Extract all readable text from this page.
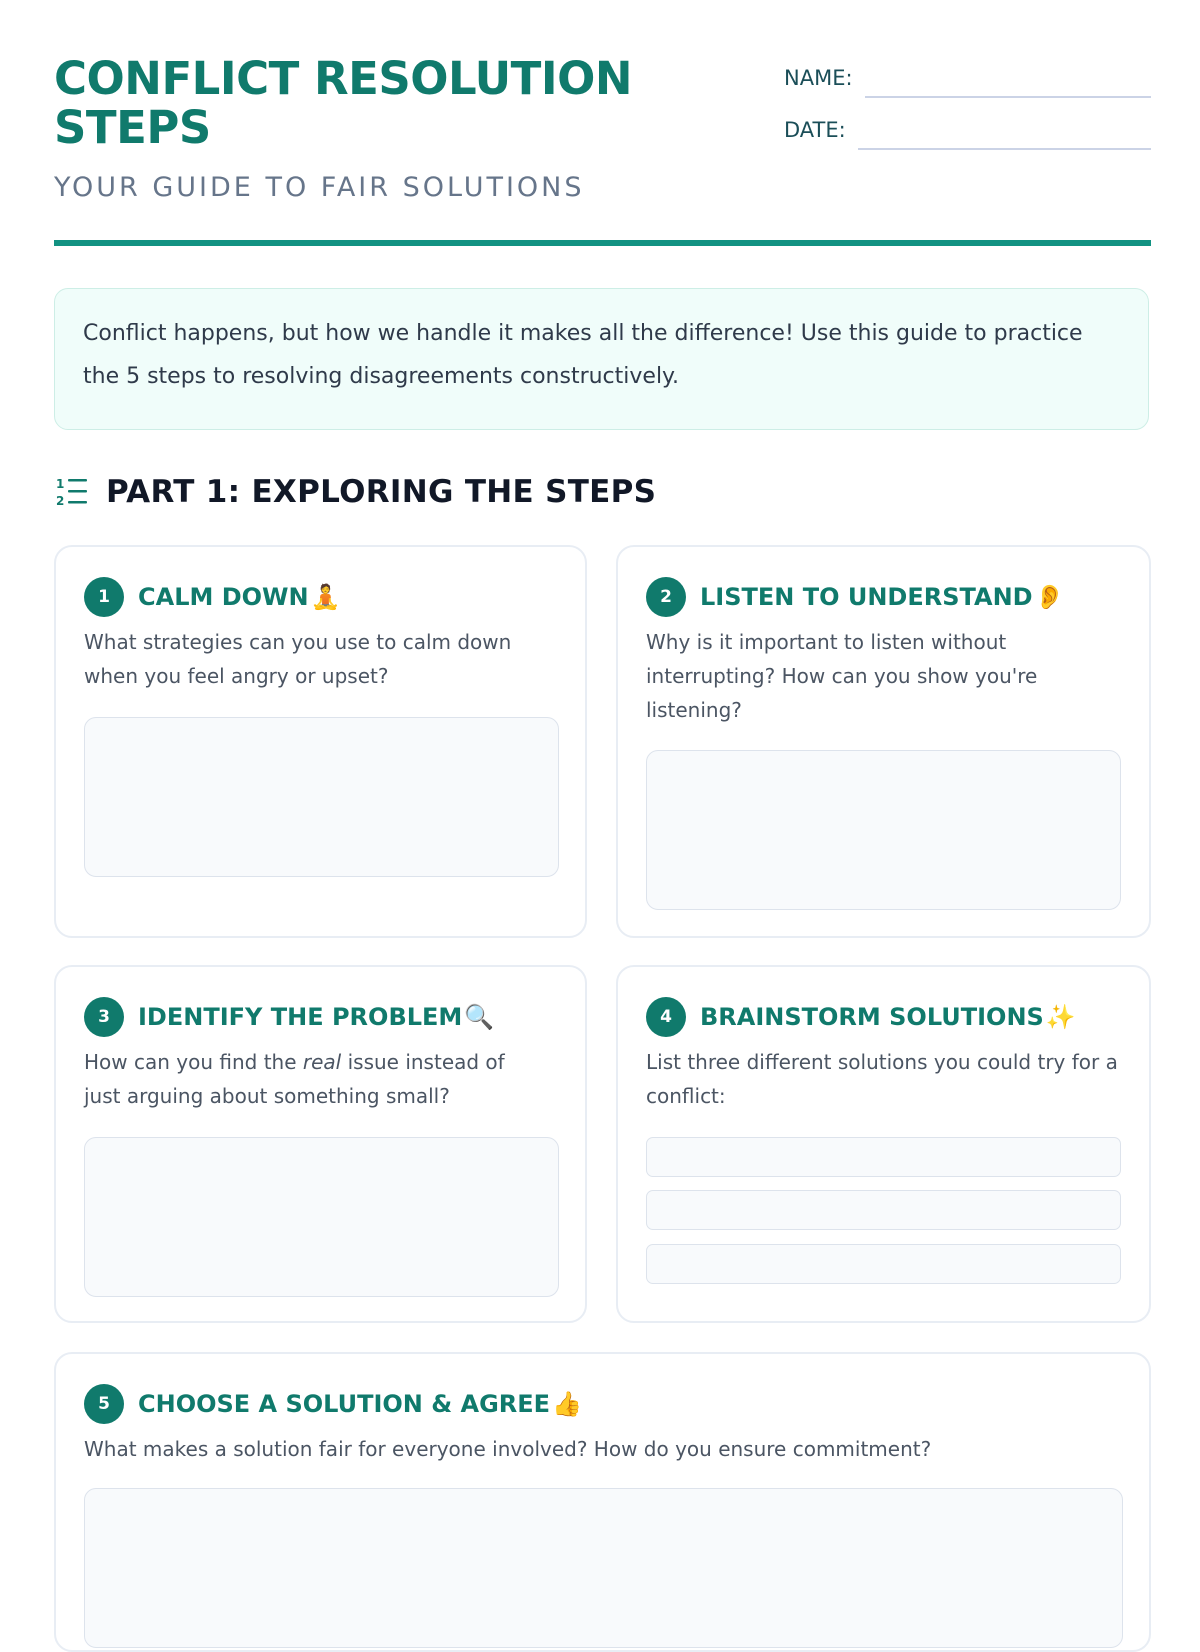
CONFLICT RESOLUTION STEPS

YOUR GUIDE TO FAIR SOLUTIONS

NAME:
DATE:
Conflict happens, but how we handle it makes all the difference! Use this guide to practice the 5 steps to resolving disagreements constructively.
1
2 PART 1: EXPLORING THE STEPS
1	CALM DOWN 🧘

What strategies can you use to calm down when you feel angry or upset?

2	LISTEN TO UNDERSTAND 👂

Why is it important to listen without interrupting? How can you show you're listening?

3	IDENTIFY THE PROBLEM 🔍

How can you find the real issue instead of just arguing about something small?

4	BRAINSTORM SOLUTIONS ✨

List three different solutions you could try for a conflict:

5	CHOOSE A SOLUTION & AGREE 👍

What makes a solution fair for everyone involved? How do you ensure commitment?
